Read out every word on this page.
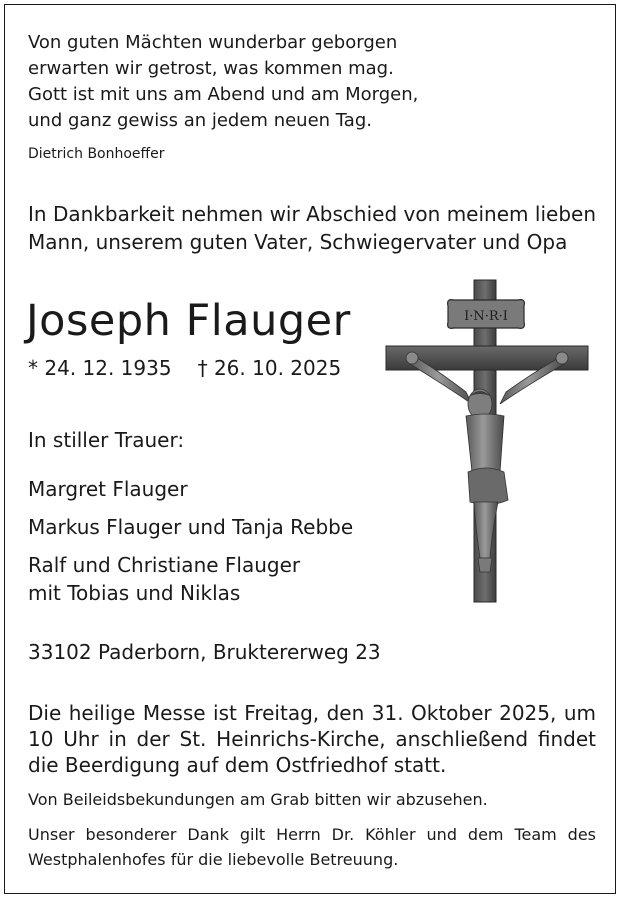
Von guten Mächten wunderbar geborgen
erwarten wir getrost, was kommen mag.
Gott ist mit uns am Abend und am Morgen,
und ganz gewiss an jedem neuen Tag.
Dietrich Bonhoeffer

In Dankbarkeit nehmen wir Abschied von meinem lieben Mann, unserem guten Vater, Schwiegervater und Opa

Joseph Flauger
* 24. 12. 1935 † 26. 10. 2025
In stiller Trauer:

Margret Flauger

Markus Flauger und Tanja Rebbe

Ralf und Christiane Flauger
mit Tobias und Niklas

33102 Paderborn, Bruktererweg 23

Die heilige Messe ist Freitag, den 31. Oktober 2025, um 10 Uhr in der St. Heinrichs-Kirche, anschließend findet die Beerdigung auf dem Ostfriedhof statt.

Von Beileidsbekundungen am Grab bitten wir abzusehen.

Unser besonderer Dank gilt Herrn Dr. Köhler und dem Team des Westphalenhofes für die liebevolle Betreuung.

I·N·R·I
